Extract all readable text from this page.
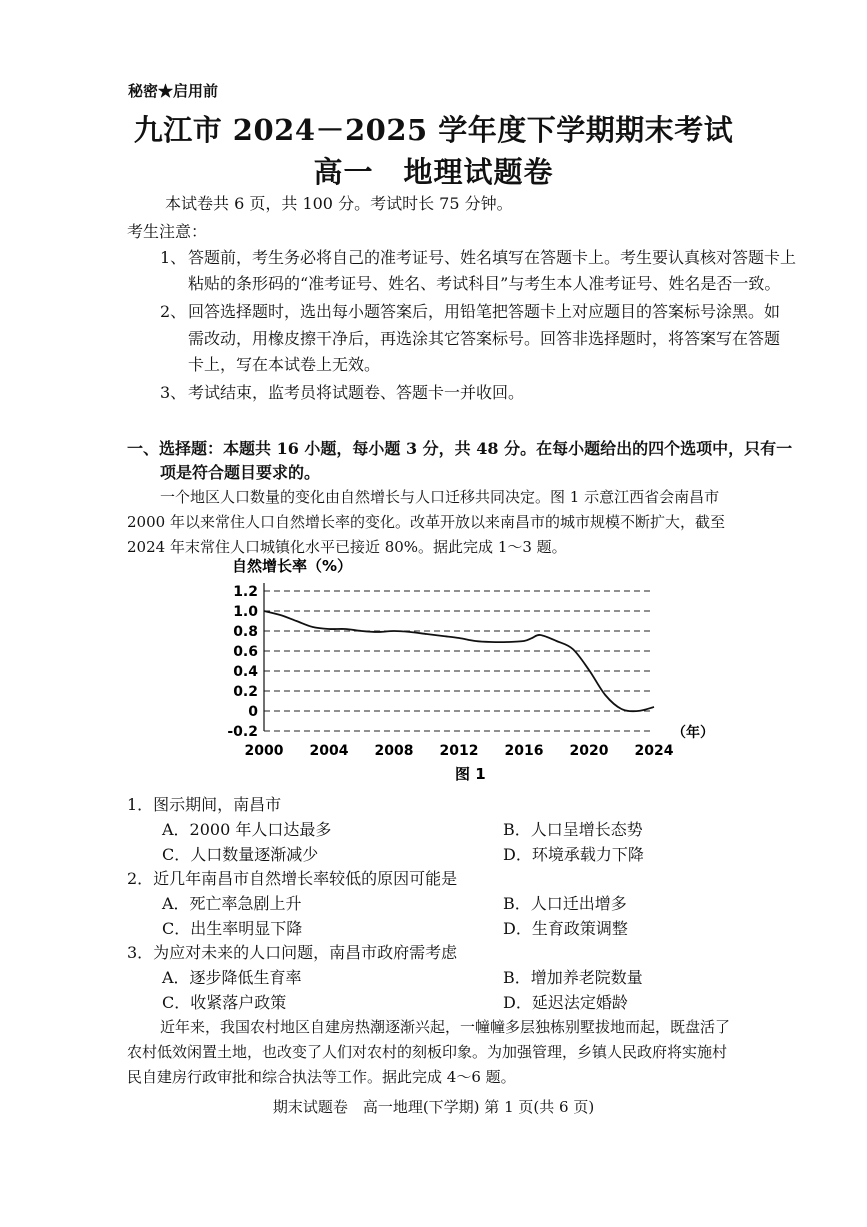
秘密★启用前
九江市 2024－2025 学年度下学期期末考试
高一　地理试题卷
本试卷共 6 页，共 100 分。考试时长 75 分钟。
考生注意：
1、 答题前，考生务必将自己的准考证号、姓名填写在答题卡上。考生要认真核对答题卡上
粘贴的条形码的“准考证号、姓名、考试科目”与考生本人准考证号、姓名是否一致。
2、 回答选择题时，选出每小题答案后，用铅笔把答题卡上对应题目的答案标号涂黑。如
需改动，用橡皮擦干净后，再选涂其它答案标号。回答非选择题时，将答案写在答题
卡上，写在本试卷上无效。
3、 考试结束，监考员将试题卷、答题卡一并收回。
一、选择题：本题共 16 小题，每小题 3 分，共 48 分。在每小题给出的四个选项中，只有一
项是符合题目要求的。
一个地区人口数量的变化由自然增长与人口迁移共同决定。图 1 示意江西省会南昌市
2000 年以来常住人口自然增长率的变化。改革开放以来南昌市的城市规模不断扩大，截至
2024 年末常住人口城镇化水平已接近 80%。据此完成 1～3 题。
自然增长率（%）
1.2
1.0
0.8
0.6
0.4
0.2
0
-0.2
2000 2004 2008 2012 2016 2020 2024
（年）
图 1
1．图示期间，南昌市
A．2000 年人口达最多	B．人口呈增长态势
C．人口数量逐渐减少	D．环境承载力下降
2．近几年南昌市自然增长率较低的原因可能是
A．死亡率急剧上升	B．人口迁出增多
C．出生率明显下降	D．生育政策调整
3．为应对未来的人口问题，南昌市政府需考虑
A．逐步降低生育率	B．增加养老院数量
C．收紧落户政策	D．延迟法定婚龄
近年来，我国农村地区自建房热潮逐渐兴起，一幢幢多层独栋别墅拔地而起，既盘活了
农村低效闲置土地，也改变了人们对农村的刻板印象。为加强管理，乡镇人民政府将实施村
民自建房行政审批和综合执法等工作。据此完成 4～6 题。
期末试题卷　高一地理(下学期) 第 1 页(共 6 页)
